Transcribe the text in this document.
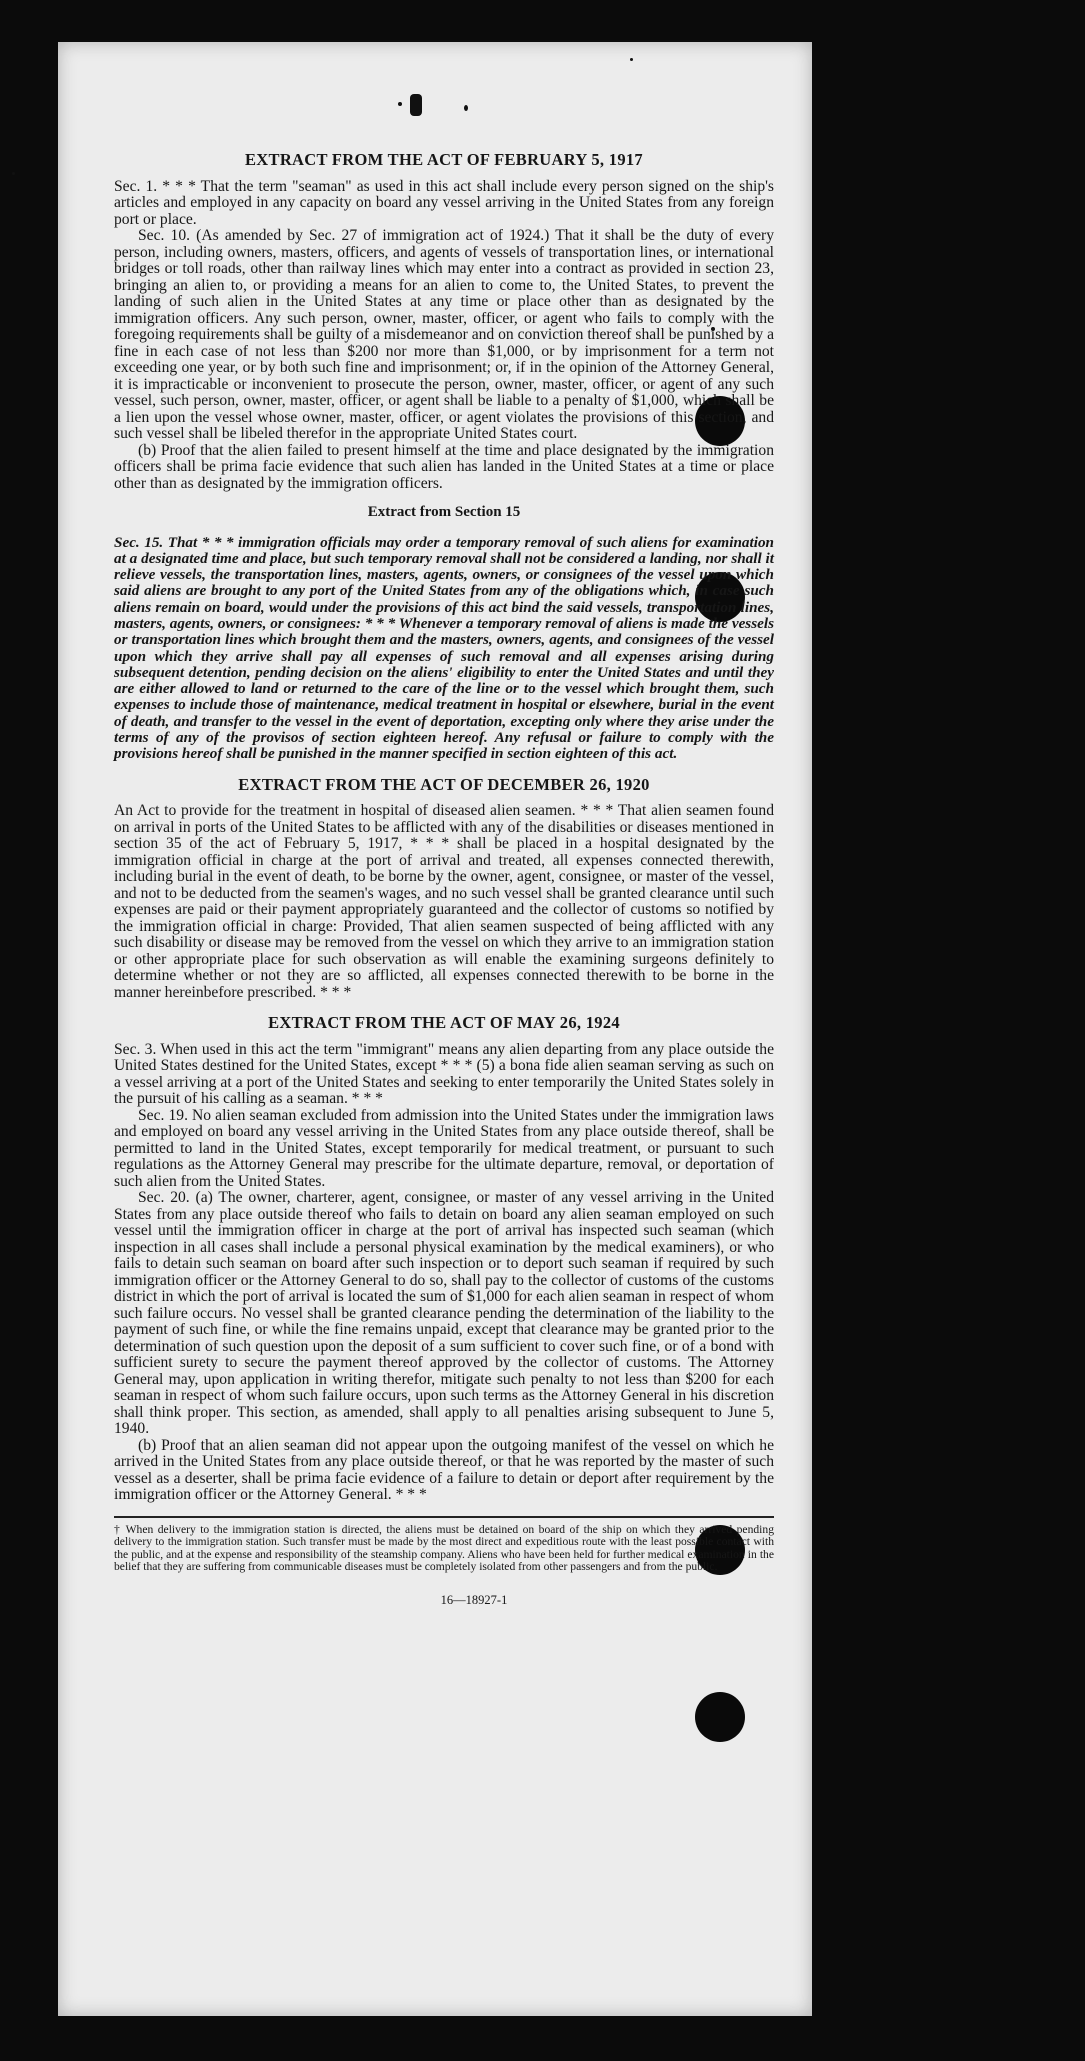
EXTRACT FROM THE ACT OF FEBRUARY 5, 1917

Sec. 1. * * * That the term "seaman" as used in this act shall include every person signed on the ship's articles and employed in any capacity on board any vessel arriving in the United States from any foreign port or place.

Sec. 10. (As amended by Sec. 27 of immigration act of 1924.) That it shall be the duty of every person, including owners, masters, officers, and agents of vessels of transportation lines, or international bridges or toll roads, other than railway lines which may enter into a contract as provided in section 23, bringing an alien to, or providing a means for an alien to come to, the United States, to prevent the landing of such alien in the United States at any time or place other than as designated by the immigration officers. Any such person, owner, master, officer, or agent who fails to comply with the foregoing requirements shall be guilty of a misdemeanor and on conviction thereof shall be punished by a fine in each case of not less than $200 nor more than $1,000, or by imprisonment for a term not exceeding one year, or by both such fine and imprisonment; or, if in the opinion of the Attorney General, it is impracticable or inconvenient to prosecute the person, owner, master, officer, or agent of any such vessel, such person, owner, master, officer, or agent shall be liable to a penalty of $1,000, which shall be a lien upon the vessel whose owner, master, officer, or agent violates the provisions of this section, and such vessel shall be libeled therefor in the appropriate United States court.

(b) Proof that the alien failed to present himself at the time and place designated by the immigration officers shall be prima facie evidence that such alien has landed in the United States at a time or place other than as designated by the immigration officers.

Extract from Section 15

Sec. 15. That * * * immigration officials may order a temporary removal of such aliens for examination at a designated time and place, but such temporary removal shall not be considered a landing, nor shall it relieve vessels, the transportation lines, masters, agents, owners, or consignees of the vessel upon which said aliens are brought to any port of the United States from any of the obligations which, in case such aliens remain on board, would under the provisions of this act bind the said vessels, transportation lines, masters, agents, owners, or consignees: * * * Whenever a temporary removal of aliens is made the vessels or transportation lines which brought them and the masters, owners, agents, and consignees of the vessel upon which they arrive shall pay all expenses of such removal and all expenses arising during subsequent detention, pending decision on the aliens' eligibility to enter the United States and until they are either allowed to land or returned to the care of the line or to the vessel which brought them, such expenses to include those of maintenance, medical treatment in hospital or elsewhere, burial in the event of death, and transfer to the vessel in the event of deportation, excepting only where they arise under the terms of any of the provisos of section eighteen hereof. Any refusal or failure to comply with the provisions hereof shall be punished in the manner specified in section eighteen of this act.

EXTRACT FROM THE ACT OF DECEMBER 26, 1920

An Act to provide for the treatment in hospital of diseased alien seamen. * * * That alien seamen found on arrival in ports of the United States to be afflicted with any of the disabilities or diseases mentioned in section 35 of the act of February 5, 1917, * * * shall be placed in a hospital designated by the immigration official in charge at the port of arrival and treated, all expenses connected therewith, including burial in the event of death, to be borne by the owner, agent, consignee, or master of the vessel, and not to be deducted from the seamen's wages, and no such vessel shall be granted clearance until such expenses are paid or their payment appropriately guaranteed and the collector of customs so notified by the immigration official in charge: Provided, That alien seamen suspected of being afflicted with any such disability or disease may be removed from the vessel on which they arrive to an immigration station or other appropriate place for such observation as will enable the examining surgeons definitely to determine whether or not they are so afflicted, all expenses connected therewith to be borne in the manner hereinbefore prescribed. * * *

EXTRACT FROM THE ACT OF MAY 26, 1924

Sec. 3. When used in this act the term "immigrant" means any alien departing from any place outside the United States destined for the United States, except * * * (5) a bona fide alien seaman serving as such on a vessel arriving at a port of the United States and seeking to enter temporarily the United States solely in the pursuit of his calling as a seaman. * * *

Sec. 19. No alien seaman excluded from admission into the United States under the immigration laws and employed on board any vessel arriving in the United States from any place outside thereof, shall be permitted to land in the United States, except temporarily for medical treatment, or pursuant to such regulations as the Attorney General may prescribe for the ultimate departure, removal, or deportation of such alien from the United States.

Sec. 20. (a) The owner, charterer, agent, consignee, or master of any vessel arriving in the United States from any place outside thereof who fails to detain on board any alien seaman employed on such vessel until the immigration officer in charge at the port of arrival has inspected such seaman (which inspection in all cases shall include a personal physical examination by the medical examiners), or who fails to detain such seaman on board after such inspection or to deport such seaman if required by such immigration officer or the Attorney General to do so, shall pay to the collector of customs of the customs district in which the port of arrival is located the sum of $1,000 for each alien seaman in respect of whom such failure occurs. No vessel shall be granted clearance pending the determination of the liability to the payment of such fine, or while the fine remains unpaid, except that clearance may be granted prior to the determination of such question upon the deposit of a sum sufficient to cover such fine, or of a bond with sufficient surety to secure the payment thereof approved by the collector of customs. The Attorney General may, upon application in writing therefor, mitigate such penalty to not less than $200 for each seaman in respect of whom such failure occurs, upon such terms as the Attorney General in his discretion shall think proper. This section, as amended, shall apply to all penalties arising subsequent to June 5, 1940.

(b) Proof that an alien seaman did not appear upon the outgoing manifest of the vessel on which he arrived in the United States from any place outside thereof, or that he was reported by the master of such vessel as a deserter, shall be prima facie evidence of a failure to detain or deport after requirement by the immigration officer or the Attorney General. * * *

† When delivery to the immigration station is directed, the aliens must be detained on board of the ship on which they arrived pending delivery to the immigration station. Such transfer must be made by the most direct and expeditious route with the least possible contact with the public, and at the expense and responsibility of the steamship company. Aliens who have been held for further medical examination in the belief that they are suffering from communicable diseases must be completely isolated from other passengers and from the public.

16—18927-1
